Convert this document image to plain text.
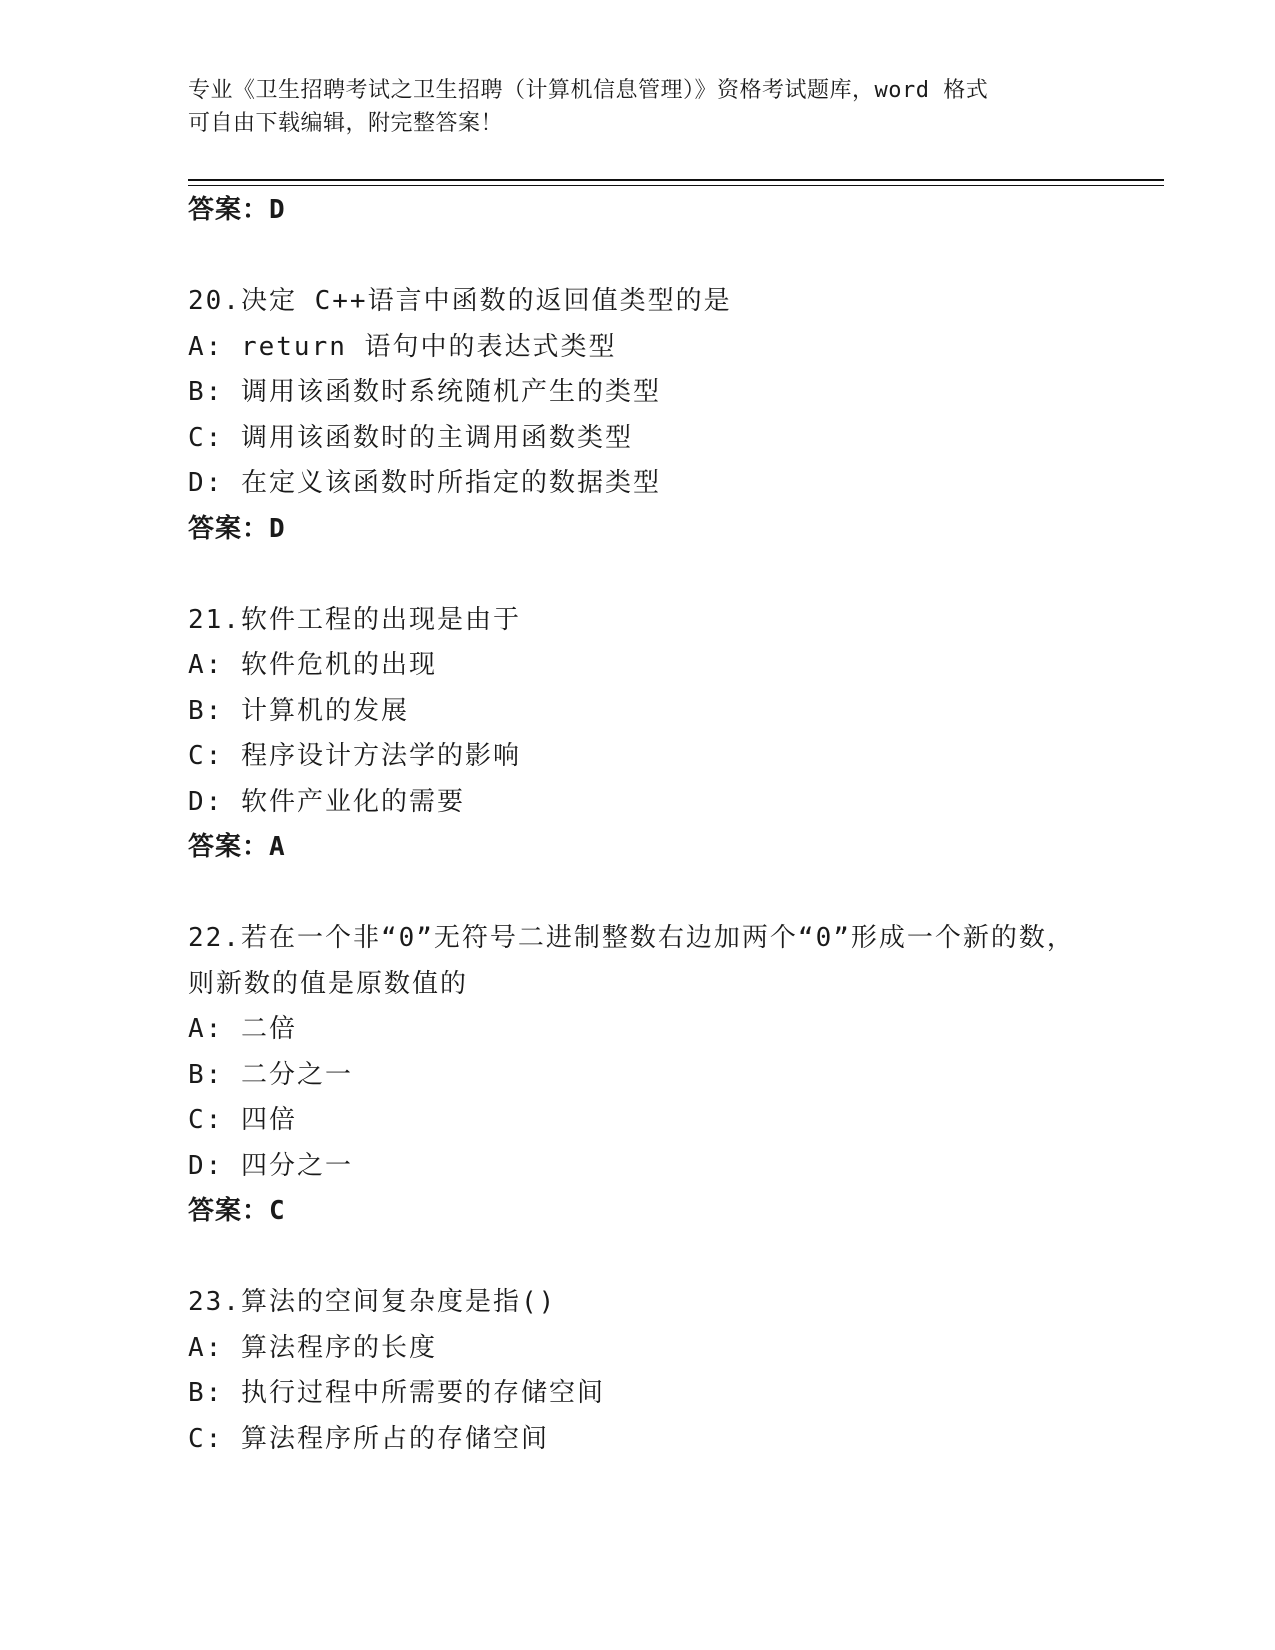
专业《卫生招聘考试之卫生招聘（计算机信息管理）》资格考试题库，word 格式
可自由下载编辑，附完整答案！
答案：D
20.决定 C++语言中函数的返回值类型的是
A: return 语句中的表达式类型
B: 调用该函数时系统随机产生的类型
C: 调用该函数时的主调用函数类型
D: 在定义该函数时所指定的数据类型
答案：D
21.软件工程的出现是由于
A: 软件危机的出现
B: 计算机的发展
C: 程序设计方法学的影响
D: 软件产业化的需要
答案：A
22.若在一个非“0”无符号二进制整数右边加两个“0”形成一个新的数，则新数的值是原数值的
A: 二倍
B: 二分之一
C: 四倍
D: 四分之一
答案：C
23.算法的空间复杂度是指()
A: 算法程序的长度
B: 执行过程中所需要的存储空间
C: 算法程序所占的存储空间
